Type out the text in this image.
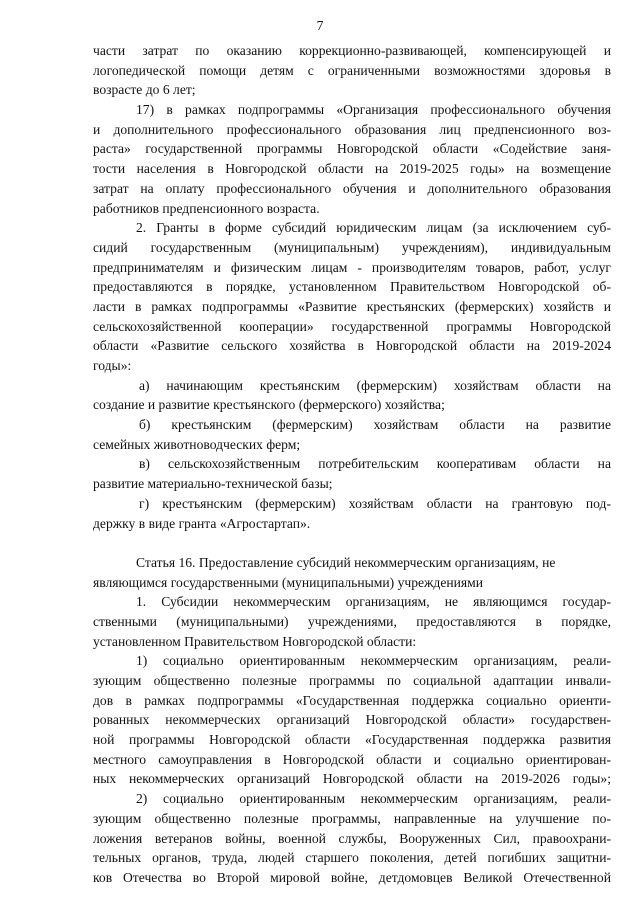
7
части затрат по оказанию коррекционно-развивающей, компенсирующей и
логопедической помощи детям с ограниченными возможностями здоровья в
возрасте до 6 лет;
17) в рамках подпрограммы «Организация профессионального обучения
и дополнительного профессионального образования лиц предпенсионного воз-
раста» государственной программы Новгородской области «Содействие заня-
тости населения в Новгородской области на 2019-2025 годы» на возмещение
затрат на оплату профессионального обучения и дополнительного образования
работников предпенсионного возраста.
2. Гранты в форме субсидий юридическим лицам (за исключением суб-
сидий государственным (муниципальным) учреждениям), индивидуальным
предпринимателям и физическим лицам - производителям товаров, работ, услуг
предоставляются в порядке, установленном Правительством Новгородской об-
ласти в рамках подпрограммы «Развитие крестьянских (фермерских) хозяйств и
сельскохозяйственной кооперации» государственной программы Новгородской
области «Развитие сельского хозяйства в Новгородской области на 2019-2024
годы»:
а) начинающим крестьянским (фермерским) хозяйствам области на
создание и развитие крестьянского (фермерского) хозяйства;
б) крестьянским (фермерским) хозяйствам области на развитие
семейных животноводческих ферм;
в) сельскохозяйственным потребительским кооперативам области на
развитие материально-технической базы;
г) крестьянским (фермерским) хозяйствам области на грантовую под-
держку в виде гранта «Агростартап».
Статья 16. Предоставление субсидий некоммерческим организациям, не
являющимся государственными (муниципальными) учреждениями
1. Субсидии некоммерческим организациям, не являющимся государ-
ственными (муниципальными) учреждениями, предоставляются в порядке,
установленном Правительством Новгородской области:
1) социально ориентированным некоммерческим организациям, реали-
зующим общественно полезные программы по социальной адаптации инвали-
дов в рамках подпрограммы «Государственная поддержка социально ориенти-
рованных некоммерческих организаций Новгородской области» государствен-
ной программы Новгородской области «Государственная поддержка развития
местного самоуправления в Новгородской области и социально ориентирован-
ных некоммерческих организаций Новгородской области на 2019-2026 годы»;
2) социально ориентированным некоммерческим организациям, реали-
зующим общественно полезные программы, направленные на улучшение по-
ложения ветеранов войны, военной службы, Вооруженных Сил, правоохрани-
тельных органов, труда, людей старшего поколения, детей погибших защитни-
ков Отечества во Второй мировой войне, детдомовцев Великой Отечественной
